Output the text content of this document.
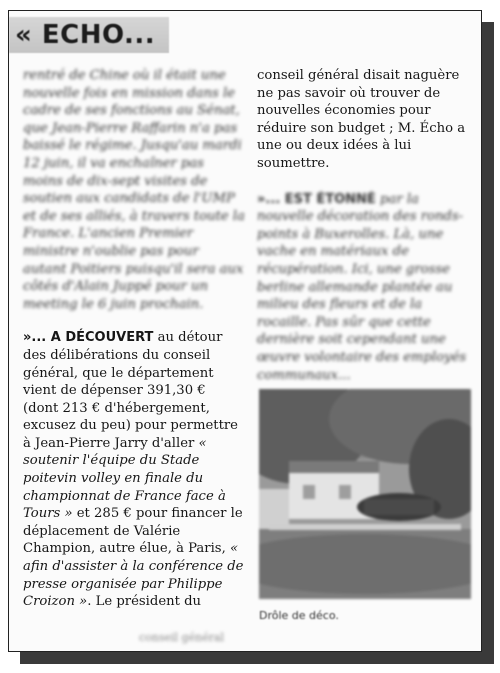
« ECHO...

rentré de Chine où il était une nouvelle fois en mission dans le cadre de ses fonctions au Sénat, que Jean-Pierre Raffarin n'a pas baissé le régime. Jusqu'au mardi 12 juin, il va enchaîner pas moins de dix-sept visites de soutien aux candidats de l'UMP et de ses alliés, à travers toute la France. L'ancien Premier ministre n'oublie pas pour autant Poitiers puisqu'il sera aux côtés d'Alain Juppé pour un meeting le 6 juin prochain.

»... A DÉCOUVERT au détour des délibérations du conseil général, que le département vient de dépenser 391,30 € (dont 213 € d'hébergement, excusez du peu) pour permettre à Jean-Pierre Jarry d'aller « soutenir l'équipe du Stade poitevin volley en finale du championnat de France face à Tours » et 285 € pour financer le déplacement de Valérie Champion, autre élue, à Paris, « afin d'assister à la conférence de presse organisée par Philippe Croizon ». Le président du

conseil général disait naguère ne pas savoir où trouver de nouvelles économies pour réduire son budget ; M. Écho a une ou deux idées à lui soumettre.

»... EST ÉTONNÉ par la nouvelle décoration des ronds-points à Buxerolles. Là, une vache en matériaux de récupération. Ici, une grosse berline allemande plantée au milieu des fleurs et de la rocaille. Pas sûr que cette dernière soit cependant une œuvre volontaire des employés communaux...

Drôle de déco.
conseil général
